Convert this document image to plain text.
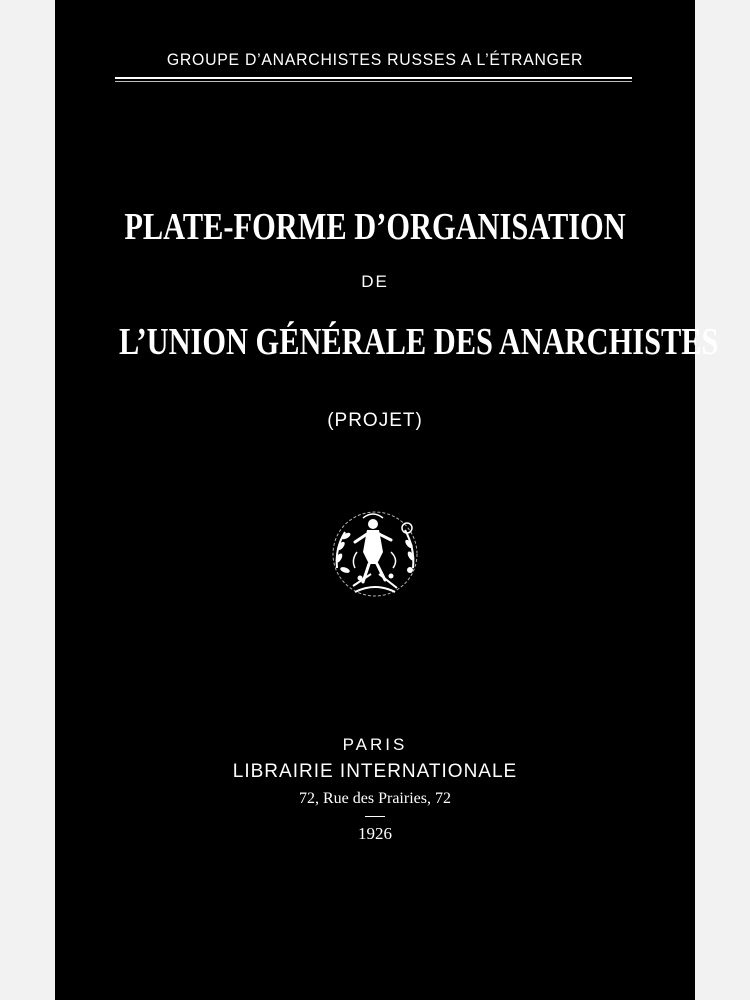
GROUPE D’ANARCHISTES RUSSES A L’ÉTRANGER
PLATE-FORME D’ORGANISATION
DE
L’UNION GÉNÉRALE DES ANARCHISTES
(PROJET)
PARIS
LIBRAIRIE INTERNATIONALE
72, Rue des Prairies, 72
1926
